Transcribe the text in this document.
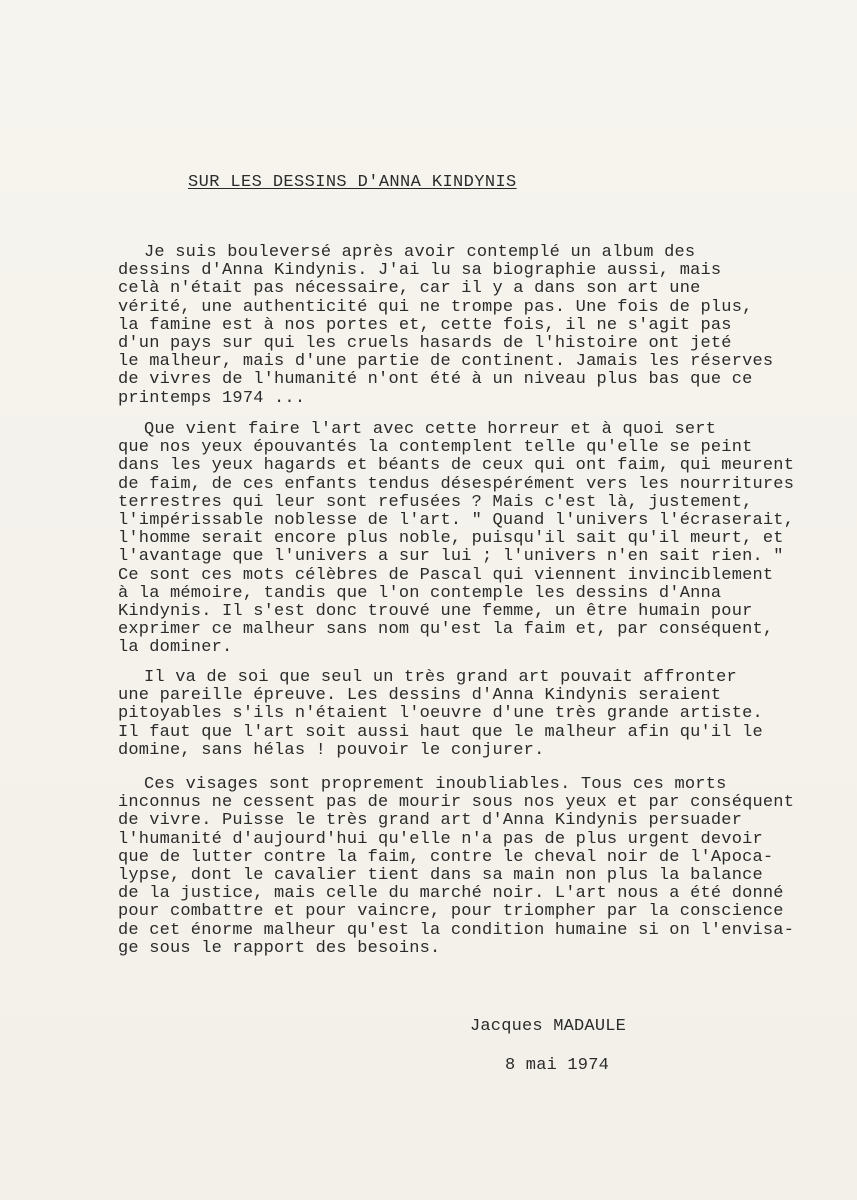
SUR LES DESSINS D'ANNA KINDYNIS
Je suis bouleversé après avoir contemplé un album des
dessins d'Anna Kindynis. J'ai lu sa biographie aussi, mais
celà n'était pas nécessaire, car il y a dans son art une
vérité, une authenticité qui ne trompe pas. Une fois de plus,
la famine est à nos portes et, cette fois, il ne s'agit pas
d'un pays sur qui les cruels hasards de l'histoire ont jeté
le malheur, mais d'une partie de continent. Jamais les réserves
de vivres de l'humanité n'ont été à un niveau plus bas que ce
printemps 1974 ...
Que vient faire l'art avec cette horreur et à quoi sert
que nos yeux épouvantés la contemplent telle qu'elle se peint
dans les yeux hagards et béants de ceux qui ont faim, qui meurent
de faim, de ces enfants tendus désespérément vers les nourritures
terrestres qui leur sont refusées ? Mais c'est là, justement,
l'impérissable noblesse de l'art. " Quand l'univers l'écraserait,
l'homme serait encore plus noble, puisqu'il sait qu'il meurt, et
l'avantage que l'univers a sur lui ; l'univers n'en sait rien. "
Ce sont ces mots célèbres de Pascal qui viennent invinciblement
à la mémoire, tandis que l'on contemple les dessins d'Anna
Kindynis. Il s'est donc trouvé une femme, un être humain pour
exprimer ce malheur sans nom qu'est la faim et, par conséquent,
la dominer.
Il va de soi que seul un très grand art pouvait affronter
une pareille épreuve. Les dessins d'Anna Kindynis seraient
pitoyables s'ils n'étaient l'oeuvre d'une très grande artiste.
Il faut que l'art soit aussi haut que le malheur afin qu'il le
domine, sans hélas ! pouvoir le conjurer.
Ces visages sont proprement inoubliables. Tous ces morts
inconnus ne cessent pas de mourir sous nos yeux et par conséquent
de vivre. Puisse le très grand art d'Anna Kindynis persuader
l'humanité d'aujourd'hui qu'elle n'a pas de plus urgent devoir
que de lutter contre la faim, contre le cheval noir de l'Apoca-
lypse, dont le cavalier tient dans sa main non plus la balance
de la justice, mais celle du marché noir. L'art nous a été donné
pour combattre et pour vaincre, pour triompher par la conscience
de cet énorme malheur qu'est la condition humaine si on l'envisa-
ge sous le rapport des besoins.
Jacques MADAULE
8 mai 1974
